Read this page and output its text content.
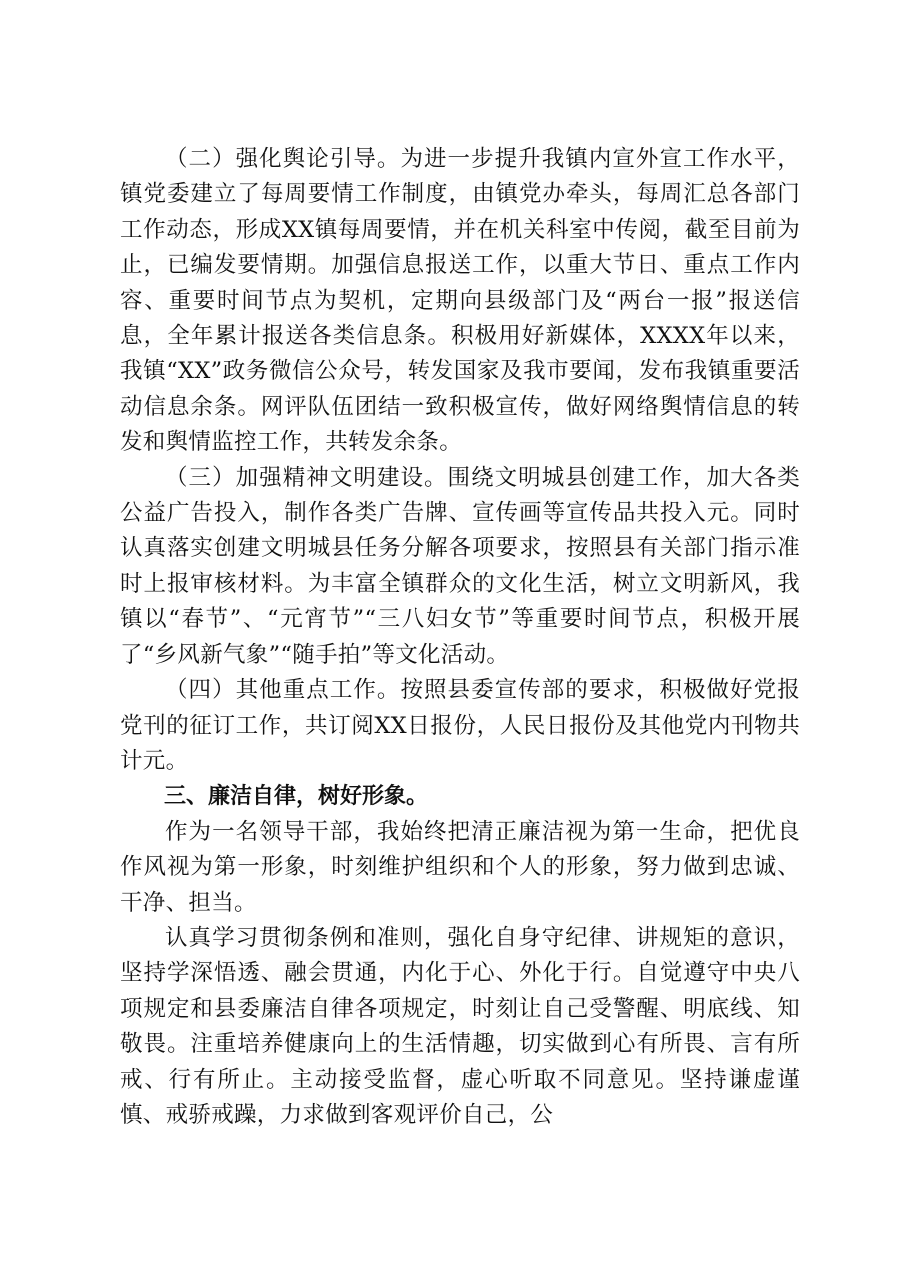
（二）强化舆论引导。为进一步提升我镇内宣外宣工作水平，镇党委建立了每周要情工作制度，由镇党办牵头，每周汇总各部门工作动态，形成XX镇每周要情，并在机关科室中传阅，截至目前为止，已编发要情期。加强信息报送工作，以重大节日、重点工作内容、重要时间节点为契机，定期向县级部门及“两台一报”报送信息，全年累计报送各类信息条。积极用好新媒体，XXXX年以来，我镇“XX”政务微信公众号，转发国家及我市要闻，发布我镇重要活动信息余条。网评队伍团结一致积极宣传，做好网络舆情信息的转发和舆情监控工作，共转发余条。

（三）加强精神文明建设。围绕文明城县创建工作，加大各类公益广告投入，制作各类广告牌、宣传画等宣传品共投入元。同时认真落实创建文明城县任务分解各项要求，按照县有关部门指示准时上报审核材料。为丰富全镇群众的文化生活，树立文明新风，我镇以“春节”、“元宵节”“三八妇女节”等重要时间节点，积极开展了“乡风新气象”“随手拍”等文化活动。

（四）其他重点工作。按照县委宣传部的要求，积极做好党报党刊的征订工作，共订阅XX日报份，人民日报份及其他党内刊物共计元。

三、廉洁自律，树好形象。

作为一名领导干部，我始终把清正廉洁视为第一生命，把优良作风视为第一形象，时刻维护组织和个人的形象，努力做到忠诚、干净、担当。

认真学习贯彻条例和准则，强化自身守纪律、讲规矩的意识，坚持学深悟透、融会贯通，内化于心、外化于行。自觉遵守中央八项规定和县委廉洁自律各项规定，时刻让自己受警醒、明底线、知敬畏。注重培养健康向上的生活情趣，切实做到心有所畏、言有所戒、行有所止。主动接受监督，虚心听取不同意见。坚持谦虚谨慎、戒骄戒躁，力求做到客观评价自己，公
